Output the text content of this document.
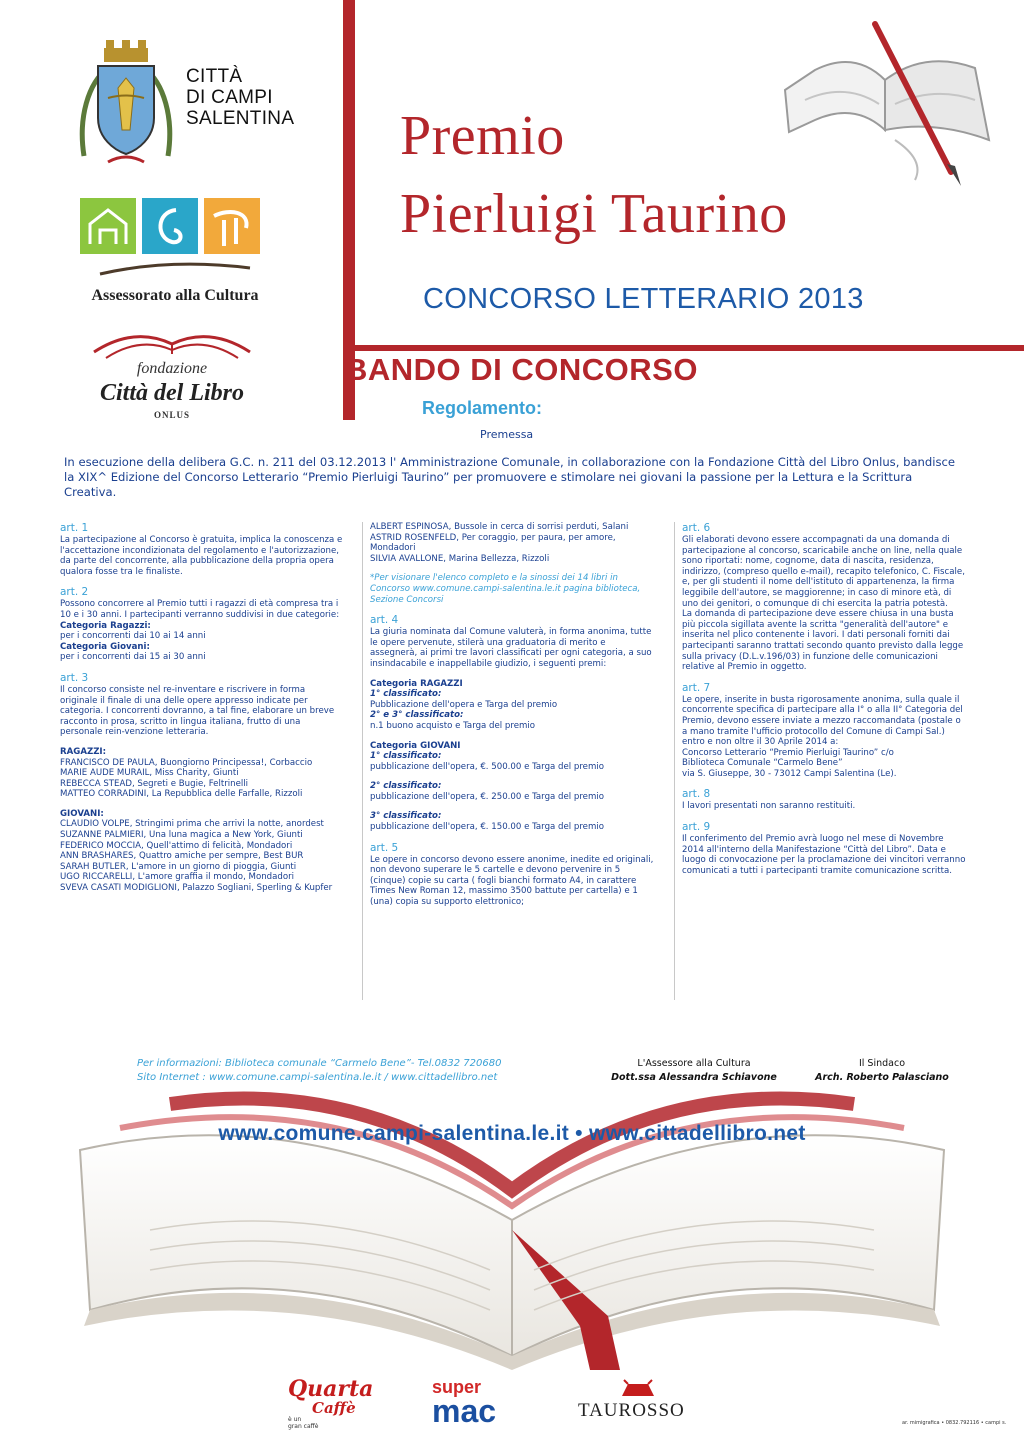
CITTÀ
DI CAMPI
SALENTINA
Assessorato alla Cultura
fondazione
Città del Libro
ONLUS
Premio
Pierluigi Taurino
CONCORSO LETTERARIO 2013
BANDO DI CONCORSO
Regolamento:
Premessa
In esecuzione della delibera G.C. n. 211 del 03.12.2013 l' Amministrazione Comunale, in collaborazione con la Fondazione Città del Libro Onlus, bandisce la XIX^ Edizione del Concorso Letterario “Premio Pierluigi Taurino” per promuovere e stimolare nei giovani la passione per la Lettura e la Scrittura Creativa.
art. 1

La partecipazione al Concorso è gratuita, implica la conoscenza e l'accettazione incondizionata del regolamento e l'autorizzazione, da parte del concorrente, alla pubblicazione della propria opera qualora fosse tra le finaliste.

art. 2

Possono concorrere al Premio tutti i ragazzi di età compresa tra i 10 e i 30 anni. I partecipanti verranno suddivisi in due categorie:

Categoria Ragazzi:

per i concorrenti dai 10 ai 14 anni

Categoria Giovani:

per i concorrenti dai 15 ai 30 anni

art. 3

Il concorso consiste nel re-inventare e riscrivere in forma originale il finale di una delle opere appresso indicate per categoria. I concorrenti dovranno, a tal fine, elaborare un breve racconto in prosa, scritto in lingua italiana, frutto di una personale rein-venzione letteraria.

RAGAZZI:

FRANCISCO DE PAULA, Buongiorno Principessa!, Corbaccio

MARIE AUDE MURAIL, Miss Charity, Giunti

REBECCA STEAD, Segreti e Bugie, Feltrinelli

MATTEO CORRADINI, La Repubblica delle Farfalle, Rizzoli

GIOVANI:

CLAUDIO VOLPE, Stringimi prima che arrivi la notte, anordest

SUZANNE PALMIERI, Una luna magica a New York, Giunti

FEDERICO MOCCIA, Quell'attimo di felicità, Mondadori

ANN BRASHARES, Quattro amiche per sempre, Best BUR

SARAH BUTLER, L'amore in un giorno di pioggia, Giunti

UGO RICCARELLI, L'amore graffia il mondo, Mondadori

SVEVA CASATI MODIGLIONI, Palazzo Sogliani, Sperling & Kupfer

ALBERT ESPINOSA, Bussole in cerca di sorrisi perduti, Salani

ASTRID ROSENFELD, Per coraggio, per paura, per amore, Mondadori

SILVIA AVALLONE, Marina Bellezza, Rizzoli

*Per visionare l'elenco completo e la sinossi dei 14 libri in Concorso www.comune.campi-salentina.le.it pagina biblioteca, Sezione Concorsi

art. 4

La giuria nominata dal Comune valuterà, in forma anonima, tutte le opere pervenute, stilerà una graduatoria di merito e assegnerà, ai primi tre lavori classificati per ogni categoria, a suo insindacabile e inappellabile giudizio, i seguenti premi:

Categoria RAGAZZI

1° classificato:

Pubblicazione dell'opera e Targa del premio

2° e 3° classificato:

n.1 buono acquisto e Targa del premio

Categoria GIOVANI

1° classificato:

pubblicazione dell'opera, €. 500.00 e Targa del premio

2° classificato:

pubblicazione dell'opera, €. 250.00 e Targa del premio

3° classificato:

pubblicazione dell'opera, €. 150.00 e Targa del premio

art. 5

Le opere in concorso devono essere anonime, inedite ed originali, non devono superare le 5 cartelle e devono pervenire in 5 (cinque) copie su carta ( fogli bianchi formato A4, in carattere Times New Roman 12, massimo 3500 battute per cartella) e 1 (una) copia su supporto elettronico;

art. 6

Gli elaborati devono essere accompagnati da una domanda di partecipazione al concorso, scaricabile anche on line, nella quale sono riportati: nome, cognome, data di nascita, residenza, indirizzo, (compreso quello e-mail), recapito telefonico, C. Fiscale, e, per gli studenti il nome dell'istituto di appartenenza, la firma leggibile dell'autore, se maggiorenne; in caso di minore età, di uno dei genitori, o comunque di chi esercita la patria potestà.

La domanda di partecipazione deve essere chiusa in una busta più piccola sigillata avente la scritta "generalità dell'autore" e inserita nel plico contenente i lavori. I dati personali forniti dai partecipanti saranno trattati secondo quanto previsto dalla legge sulla privacy (D.L.v.196/03) in funzione delle comunicazioni relative al Premio in oggetto.

art. 7

Le opere, inserite in busta rigorosamente anonima, sulla quale il concorrente specifica di partecipare alla I° o alla II° Categoria del Premio, devono essere inviate a mezzo raccomandata (postale o a mano tramite l'ufficio protocollo del Comune di Campi Sal.) entro e non oltre il 30 Aprile 2014 a:

Concorso Letterario “Premio Pierluigi Taurino” c/o

Biblioteca Comunale “Carmelo Bene”

via S. Giuseppe, 30 - 73012 Campi Salentina (Le).

art. 8

I lavori presentati non saranno restituiti.

art. 9

Il conferimento del Premio avrà luogo nel mese di Novembre 2014 all'interno della Manifestazione “Città del Libro”. Data e luogo di convocazione per la proclamazione dei vincitori verranno comunicati a tutti i partecipanti tramite comunicazione scritta.

Per informazioni: Biblioteca comunale “Carmelo Bene”- Tel.0832 720680
Sito Internet : www.comune.campi-salentina.le.it / www.cittadellibro.net
L'Assessore alla Cultura
Dott.ssa Alessandra Schiavone
Il Sindaco
Arch. Roberto Palasciano
www.comune.campi-salentina.le.it • www.cittadellibro.net
Quarta
Caffè
è un
gran caffè
super
mac	TAUROSSO
ar. mimigrafica • 0832.792116 • campi s.
